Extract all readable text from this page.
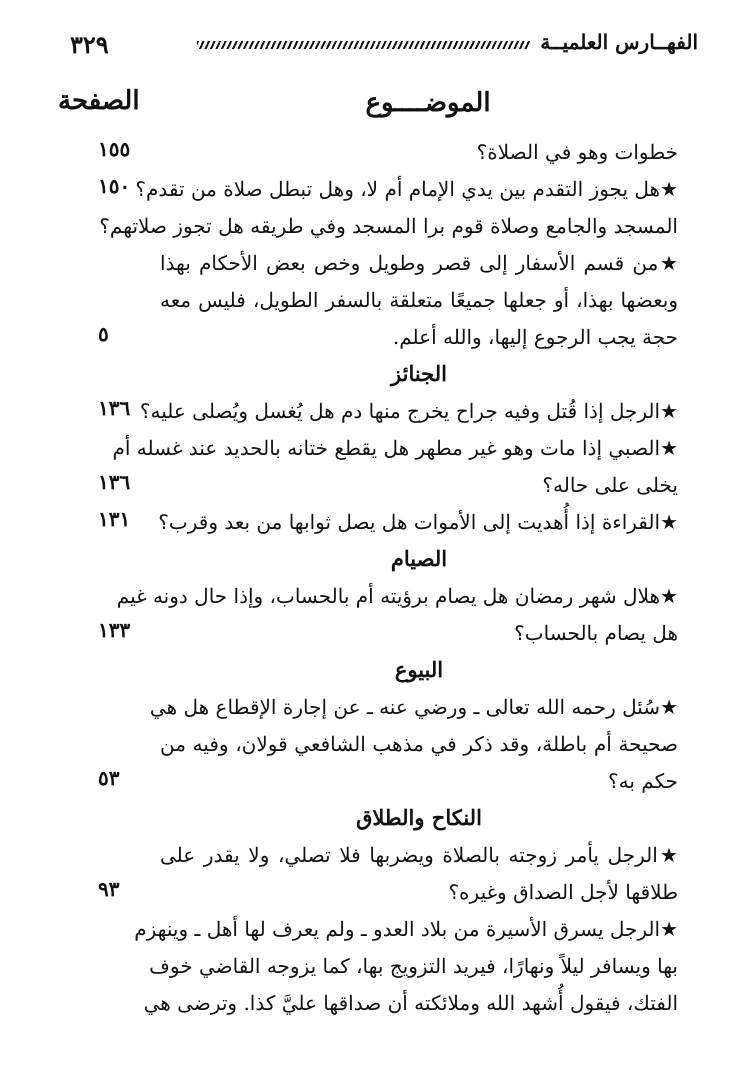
٣٢٩	الفهــارس العلميــة
الموضــــوع
الصفحة
خطوات وهو في الصلاة؟
١٥٥
★هل يجوز التقدم بين يدي الإمام أم لا، وهل تبطل صلاة من تقدم؟
١٥٠
المسجد والجامع وصلاة قوم برا المسجد وفي طريقه هل تجوز صلاتهم؟
★من قسم الأسفار إلى قصر وطويل وخص بعض الأحكام بهذا
وبعضها بهذا، أو جعلها جميعًا متعلقة بالسفر الطويل، فليس معه
حجة يجب الرجوع إليها، والله أعلم.
٥
الجنائز
★الرجل إذا قُتل وفيه جراح يخرج منها دم هل يُغسل ويُصلى عليه؟
١٣٦
★الصبي إذا مات وهو غير مطهر هل يقطع ختانه بالحديد عند غسله أم
يخلى على حاله؟
١٣٦
★القراءة إذا أُهديت إلى الأموات هل يصل ثوابها من بعد وقرب؟
١٣١
الصيام
★هلال شهر رمضان هل يصام برؤيته أم بالحساب، وإذا حال دونه غيم
هل يصام بالحساب؟
١٣٣
البيوع
★سُئل رحمه الله تعالى ـ ورضي عنه ـ عن إجارة الإقطاع هل هي
صحيحة أم باطلة، وقد ذكر في مذهب الشافعي قولان، وفيه من
حكم به؟
٥٣
النكاح والطلاق
★الرجل يأمر زوجته بالصلاة ويضربها فلا تصلي، ولا يقدر على
طلاقها لأجل الصداق وغيره؟
٩٣
★الرجل يسرق الأسيرة من بلاد العدو ـ ولم يعرف لها أهل ـ وينهزم
بها ويسافر ليلاً ونهارًا، فيريد التزويج بها، كما يزوجه القاضي خوف
الفتك، فيقول أُشهد الله وملائكته أن صداقها عليَّ كذا. وترضى هي
